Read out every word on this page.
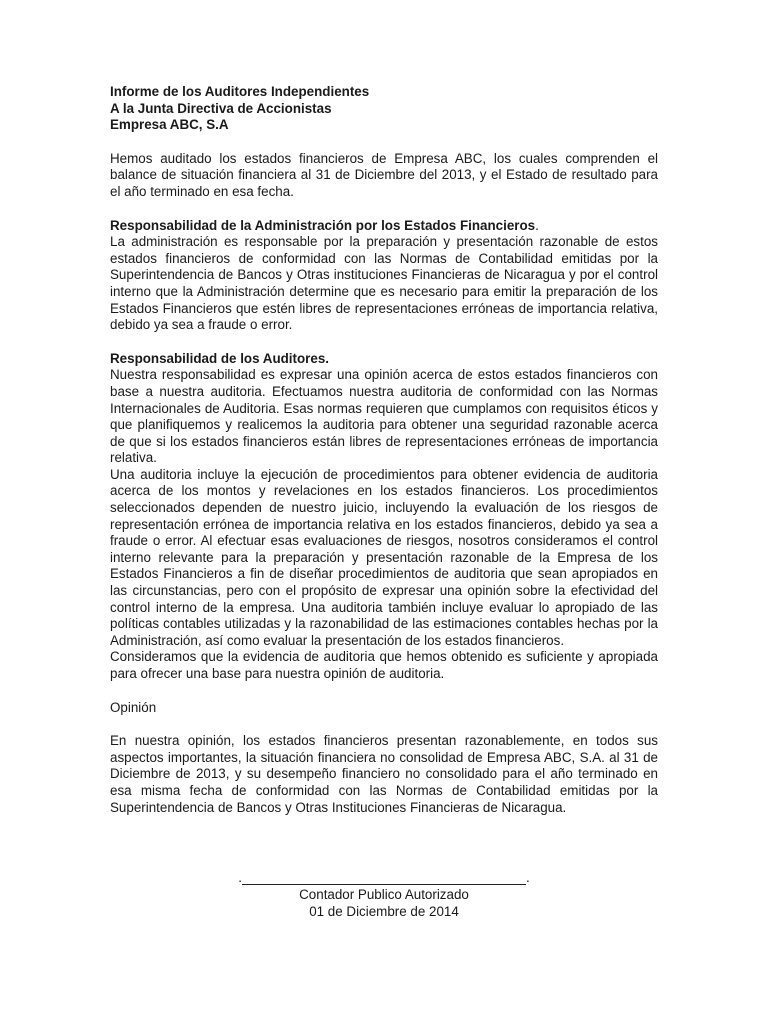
Informe de los Auditores Independientes
A la Junta Directiva de Accionistas
Empresa ABC, S.A

Hemos auditado los estados financieros de Empresa ABC, los cuales comprenden el balance de situación financiera al 31 de Diciembre del 2013, y el Estado de resultado para el año terminado en esa fecha.

Responsabilidad de la Administración por los Estados Financieros.

La administración es responsable por la preparación y presentación razonable de estos estados financieros de conformidad con las Normas de Contabilidad emitidas por la Superintendencia de Bancos y Otras instituciones Financieras de Nicaragua y por el control interno que la Administración determine que es necesario para emitir la preparación de los Estados Financieros que estén libres de representaciones erróneas de importancia relativa, debido ya sea a fraude o error.

Responsabilidad de los Auditores.

Nuestra responsabilidad es expresar una opinión acerca de estos estados financieros con base a nuestra auditoria. Efectuamos nuestra auditoria de conformidad con las Normas Internacionales de Auditoria. Esas normas requieren que cumplamos con requisitos éticos y que planifiquemos y realicemos la auditoria para obtener una seguridad razonable acerca de que si los estados financieros están libres de representaciones erróneas de importancia relativa.

Una auditoria incluye la ejecución de procedimientos para obtener evidencia de auditoria acerca de los montos y revelaciones en los estados financieros. Los procedimientos seleccionados dependen de nuestro juicio, incluyendo la evaluación de los riesgos de representación errónea de importancia relativa en los estados financieros, debido ya sea a fraude o error. Al efectuar esas evaluaciones de riesgos, nosotros consideramos el control interno relevante para la preparación y presentación razonable de la Empresa de los Estados Financieros a fin de diseñar procedimientos de auditoria que sean apropiados en las circunstancias, pero con el propósito de expresar una opinión sobre la efectividad del control interno de la empresa. Una auditoria también incluye evaluar lo apropiado de las políticas contables utilizadas y la razonabilidad de las estimaciones contables hechas por la Administración, así como evaluar la presentación de los estados financieros.

Consideramos que la evidencia de auditoria que hemos obtenido es suficiente y apropiada para ofrecer una base para nuestra opinión de auditoria.

Opinión

En nuestra opinión, los estados financieros presentan razonablemente, en todos sus aspectos importantes, la situación financiera no consolidad de Empresa ABC, S.A. al 31 de Diciembre de 2013, y su desempeño financiero no consolidado para el año terminado en esa misma fecha de conformidad con las Normas de Contabilidad emitidas por la Superintendencia de Bancos y Otras Instituciones Financieras de Nicaragua.

.	.
Contador Publico Autorizado
01 de Diciembre de 2014
